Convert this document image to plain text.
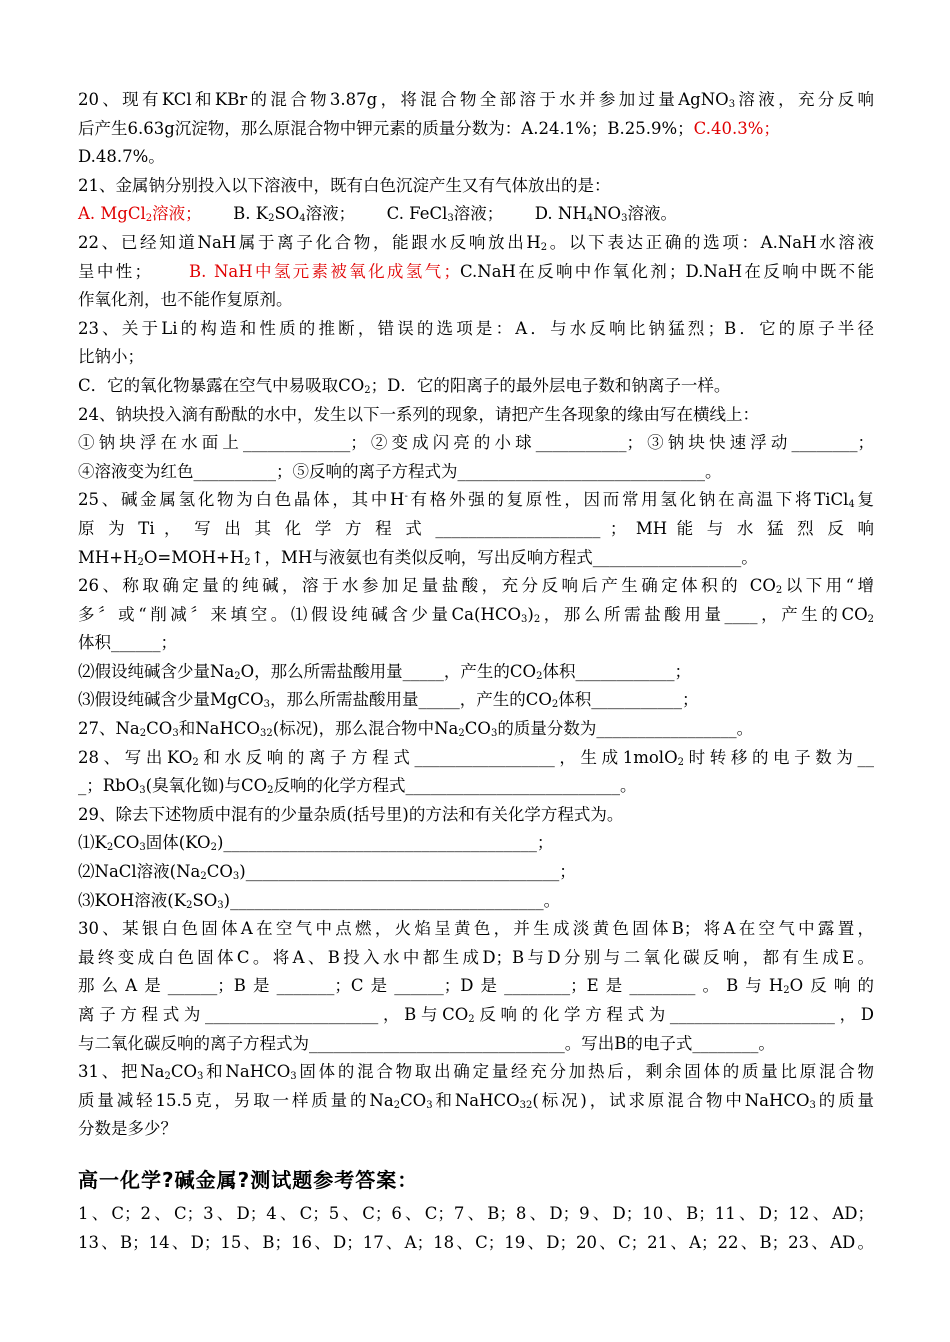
20、现有KCl和KBr的混合物3.87g，将混合物全部溶于水并参加过量AgNO$_3$溶液，充分反响
后产生6.63g沉淀物，那么原混合物中钾元素的质量分数为：A.24.1%；B.25.9%；C.40.3%；
D.48.7%。
21、金属钠分别投入以下溶液中，既有白色沉淀产生又有气体放出的是：
A. MgCl$_2$溶液； B. $K_2SO_4$溶液； C. FeCl$_3$溶液； D. $NH_4NO_3$溶液。
22、已经知道NaH属于离子化合物，能跟水反响放出$H_2$。以下表达正确的选项：A.NaH水溶液
呈中性； B. NaH中氢元素被氧化成氢气；C.NaH在反响中作氧化剂；D.NaH在反响中既不能
作氧化剂，也不能作复原剂。
23、关于Li的构造和性质的推断，错误的选项是：A．与水反响比钠猛烈；B．它的原子半径
比钠小；
C．它的氧化物暴露在空气中易吸取$CO_2$；D．它的阳离子的最外层电子数和钠离子一样。
24、钠块投入滴有酚酞的水中，发生以下一系列的现象，请把产生各现象的缘由写在横线上：
①钠块浮在水面上_____________；②变成闪亮的小球___________；③钠块快速浮动________；
④溶液变为红色__________；⑤反响的离子方程式为______________________________。
25、碱金属氢化物为白色晶体，其中H-有格外强的复原性，因而常用氢化钠在高温下将TiCl$_4$复
原 为 Ti ， 写 出 其 化 学 方 程 式 ____________________ ； MH 能 与 水 猛 烈 反 响
$MH+H_2O=MOH+H_2↑$，MH与液氨也有类似反响，写出反响方程式__________________。
26、称取确定量的纯碱，溶于水参加足量盐酸，充分反响后产生确定体积的 $CO_2$以下用“增
多〞或“削减〞来填空。⑴假设纯碱含少量$Ca(HCO_3)_2$，那么所需盐酸用量____，产生的$CO_2$
体积______；
⑵假设纯碱含少量$Na_2O$，那么所需盐酸用量_____，产生的$CO_2$体积____________；
⑶假设纯碱含少量MgCO$_3$，那么所需盐酸用量_____，产生的$CO_2$体积___________；
27、$Na_2CO_3$和NaHCO$_{32}$(标况)，那么混合物中$Na_2CO_3$的质量分数为_________________。
28、写出$KO_2$和水反响的离子方程式_________________，生成1molO$_2$时转移的电子数为__
_；RbO$_3$(臭氧化铷)与$CO_2$反响的化学方程式__________________________。
29、除去下述物质中混有的少量杂质(括号里)的方法和有关化学方程式为。
$⑴K_2CO_3$固体$(KO_2)\_\_\_\_\_\_\_\_\_\_\_\_\_\_\_\_\_\_\_\_\_\_\_\_\_\_\_\_\_\_\_\_\_\_\_\_\_\_$；
⑵NaCl溶液$(Na_2CO_3)\_\_\_\_\_\_\_\_\_\_\_\_\_\_\_\_\_\_\_\_\_\_\_\_\_\_\_\_\_\_\_\_\_\_\_\_\_\_$；
⑶KOH溶液$(K_2SO_3)\_\_\_\_\_\_\_\_\_\_\_\_\_\_\_\_\_\_\_\_\_\_\_\_\_\_\_\_\_\_\_\_\_\_\_\_\_\_$。
30、某银白色固体A在空气中点燃，火焰呈黄色，并生成淡黄色固体B；将A在空气中露置，
最终变成白色固体C。将A、B投入水中都生成D；B与D分别与二氧化碳反响，都有生成E。
那么A是______；B是_______；C是______；D是________；E是________。B与$H_2O$反响的
离子方程式为_____________________，B与$CO_2$反响的化学方程式为____________________，D
与二氧化碳反响的离子方程式为_______________________________。写出B的电子式________。
31、把$Na_2CO_3$和NaHCO$_3$固体的混合物取出确定量经充分加热后，剩余固体的质量比原混合物
质量减轻15.5克，另取一样质量的$Na_2CO_3$和NaHCO$_{32}$(标况)，试求原混合物中NaHCO$_3$的质量
分数是多少？
高一化学?碱金属?测试题参考答案：
1、C；2、C；3、D；4、C；5、C；6、C；7、B；8、D；9、D；10、B；11、D；12、AD；
13、B；14、D；15、B；16、D；17、A；18、C；19、D；20、C；21、A；22、B；23、AD。
